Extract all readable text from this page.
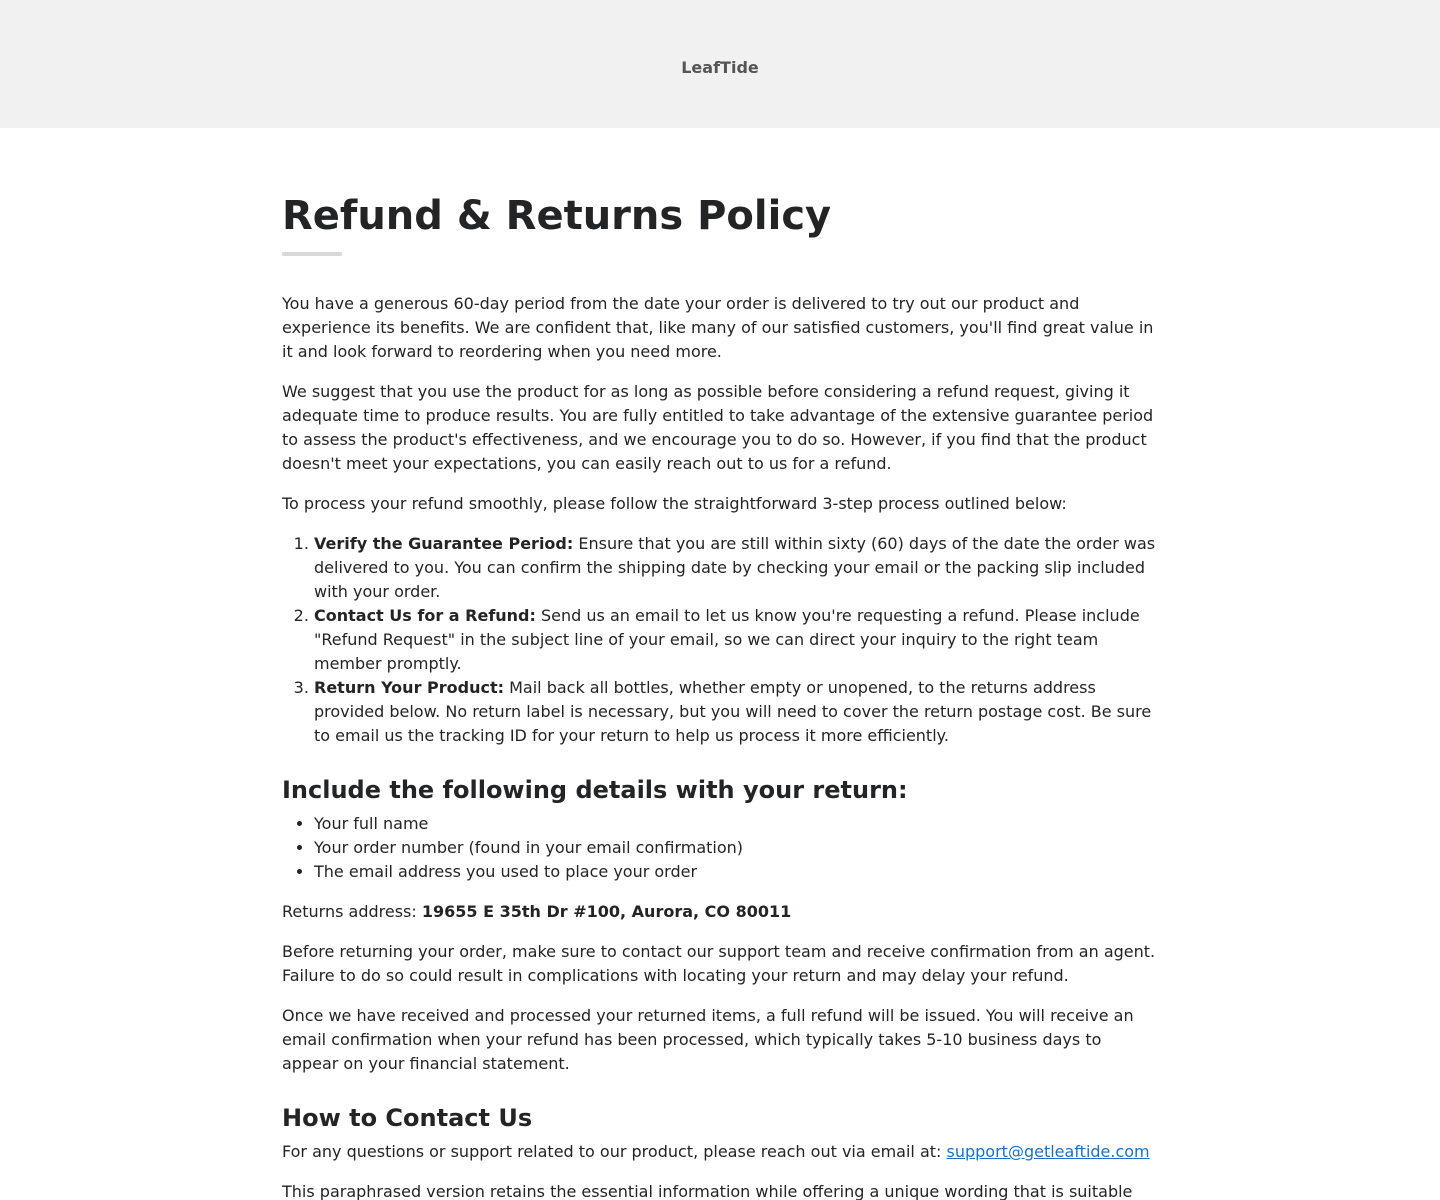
LeafTide
Refund & Returns Policy

You have a generous 60-day period from the date your order is delivered to try out our product and experience its benefits. We are confident that, like many of our satisfied customers, you'll find great value in it and look forward to reordering when you need more.

We suggest that you use the product for as long as possible before considering a refund request, giving it adequate time to produce results. You are fully entitled to take advantage of the extensive guarantee period to assess the product's effectiveness, and we encourage you to do so. However, if you find that the product doesn't meet your expectations, you can easily reach out to us for a refund.

To process your refund smoothly, please follow the straightforward 3-step process outlined below:

1. Verify the Guarantee Period: Ensure that you are still within sixty (60) days of the date the order was delivered to you. You can confirm the shipping date by checking your email or the packing slip included with your order.
2. Contact Us for a Refund: Send us an email to let us know you're requesting a refund. Please include "Refund Request" in the subject line of your email, so we can direct your inquiry to the right team member promptly.
3. Return Your Product: Mail back all bottles, whether empty or unopened, to the returns address provided below. No return label is necessary, but you will need to cover the return postage cost. Be sure to email us the tracking ID for your return to help us process it more efficiently.
Include the following details with your return:
• Your full name
• Your order number (found in your email confirmation)
• The email address you used to place your order

Returns address: 19655 E 35th Dr #100, Aurora, CO 80011

Before returning your order, make sure to contact our support team and receive confirmation from an agent. Failure to do so could result in complications with locating your return and may delay your refund.

Once we have received and processed your returned items, a full refund will be issued. You will receive an email confirmation when your refund has been processed, which typically takes 5-10 business days to appear on your financial statement.

How to Contact Us

For any questions or support related to our product, please reach out via email at: support@getleaftide.com

This paraphrased version retains the essential information while offering a unique wording that is suitable
